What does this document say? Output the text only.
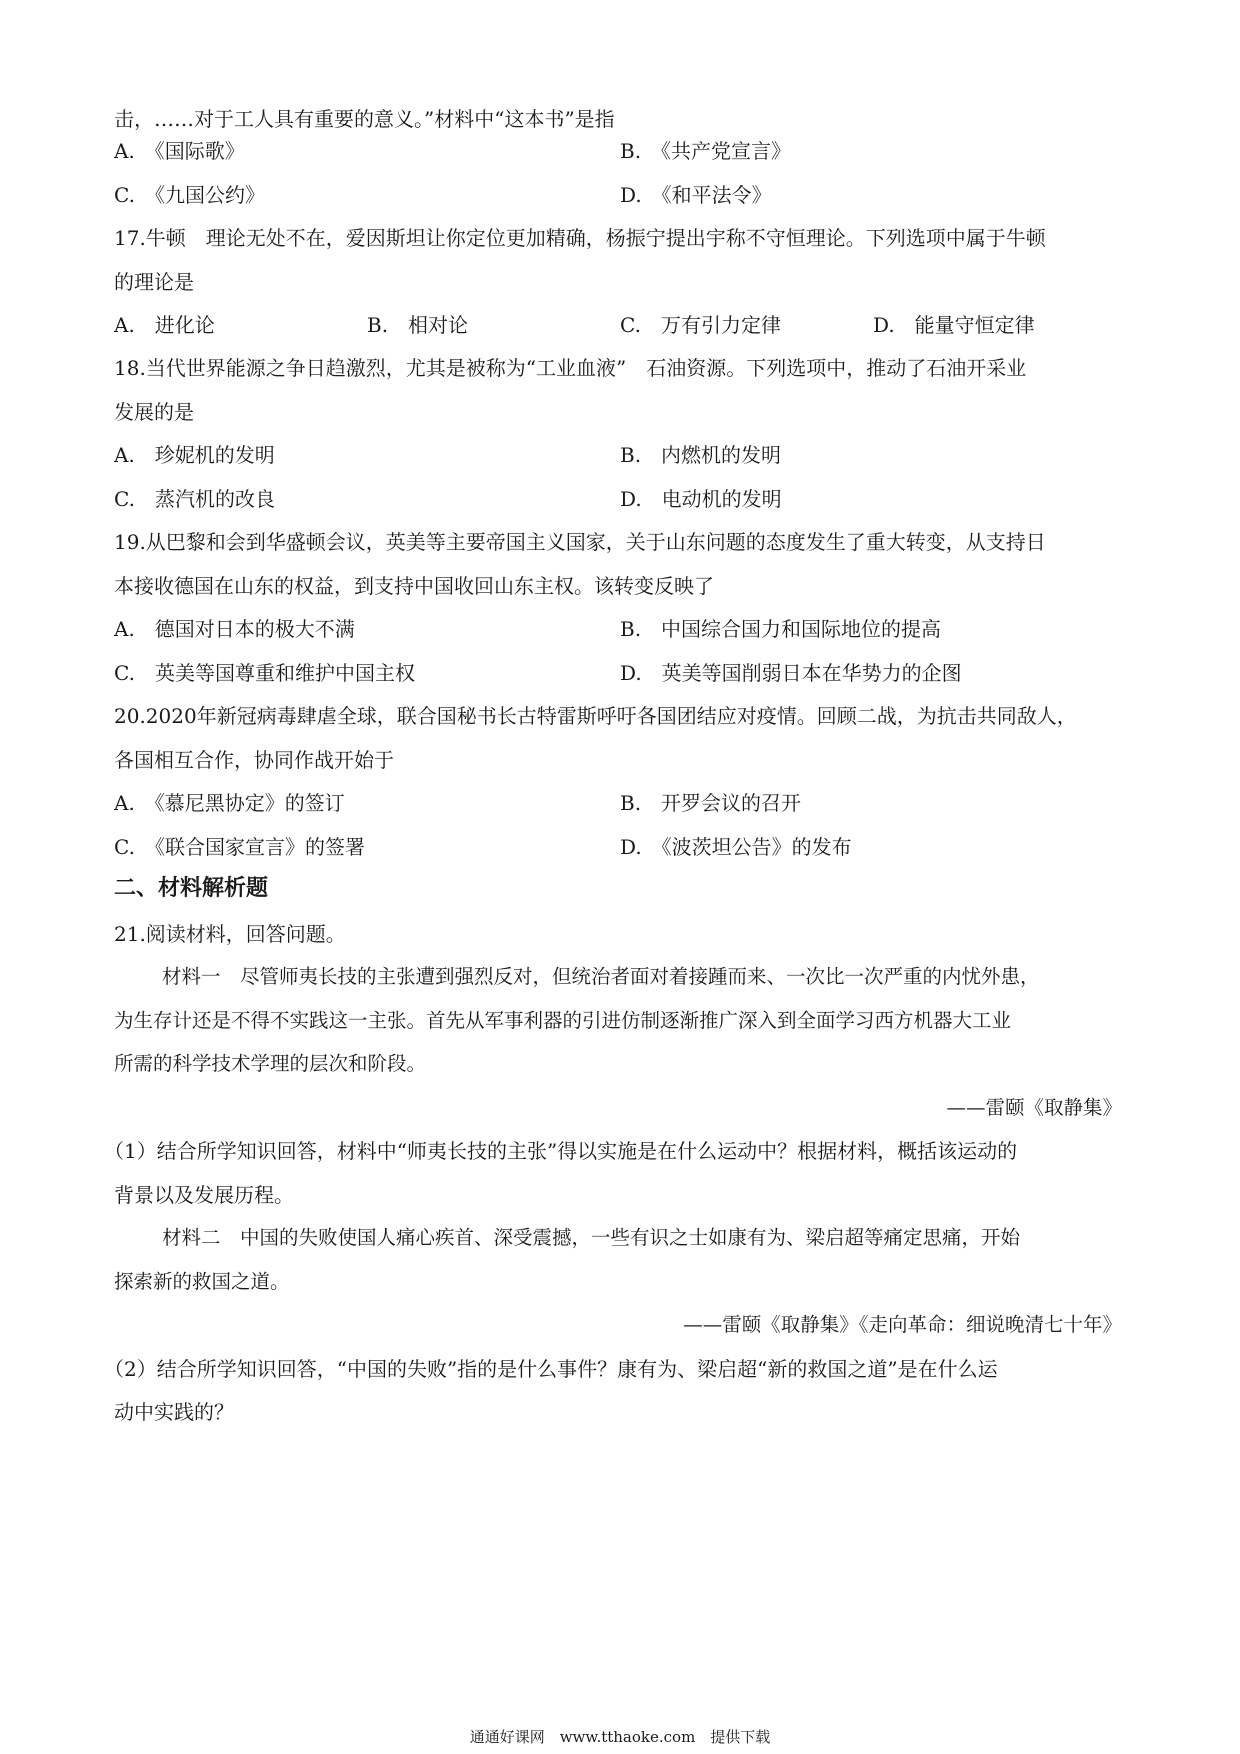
击，……对于工人具有重要的意义。”材料中“这本书”是指
A.　《国际歌》	B.　《共产党宣言》
C.　《九国公约》	D.　《和平法令》
17.牛顿　理论无处不在，爱因斯坦让你定位更加精确，杨振宁提出宇称不守恒理论。下列选项中属于牛顿
的理论是
A.　进化论	B.　相对论	C.　万有引力定律	D.　能量守恒定律
18.当代世界能源之争日趋激烈，尤其是被称为“工业血液”　石油资源。下列选项中，推动了石油开采业
发展的是
A.　珍妮机的发明	B.　内燃机的发明
C.　蒸汽机的改良	D.　电动机的发明
19.从巴黎和会到华盛顿会议，英美等主要帝国主义国家，关于山东问题的态度发生了重大转变，从支持日
本接收德国在山东的权益，到支持中国收回山东主权。该转变反映了
A.　德国对日本的极大不满	B.　中国综合国力和国际地位的提高
C.　英美等国尊重和维护中国主权	D.　英美等国削弱日本在华势力的企图
20.2020年新冠病毒肆虐全球，联合国秘书长古特雷斯呼吁各国团结应对疫情。回顾二战，为抗击共同敌人，
各国相互合作，协同作战开始于
A.　《慕尼黑协定》的签订	B.　开罗会议的召开
C.　《联合国家宣言》的签署	D.　《波茨坦公告》的发布
二、材料解析题
21.阅读材料，回答问题。
材料一　尽管师夷长技的主张遭到强烈反对，但统治者面对着接踵而来、一次比一次严重的内忧外患，
为生存计还是不得不实践这一主张。首先从军事利器的引进仿制逐渐推广深入到全面学习西方机器大工业
所需的科学技术学理的层次和阶段。
——雷颐《取静集》
（1）结合所学知识回答，材料中“师夷长技的主张”得以实施是在什么运动中？根据材料，概括该运动的
背景以及发展历程。
材料二　中国的失败使国人痛心疾首、深受震撼，一些有识之士如康有为、梁启超等痛定思痛，开始
探索新的救国之道。
——雷颐《取静集》《走向革命：细说晚清七十年》
（2）结合所学知识回答，“中国的失败”指的是什么事件？康有为、梁启超“新的救国之道”是在什么运
动中实践的？
通通好课网　www.tthaoke.com　提供下载
